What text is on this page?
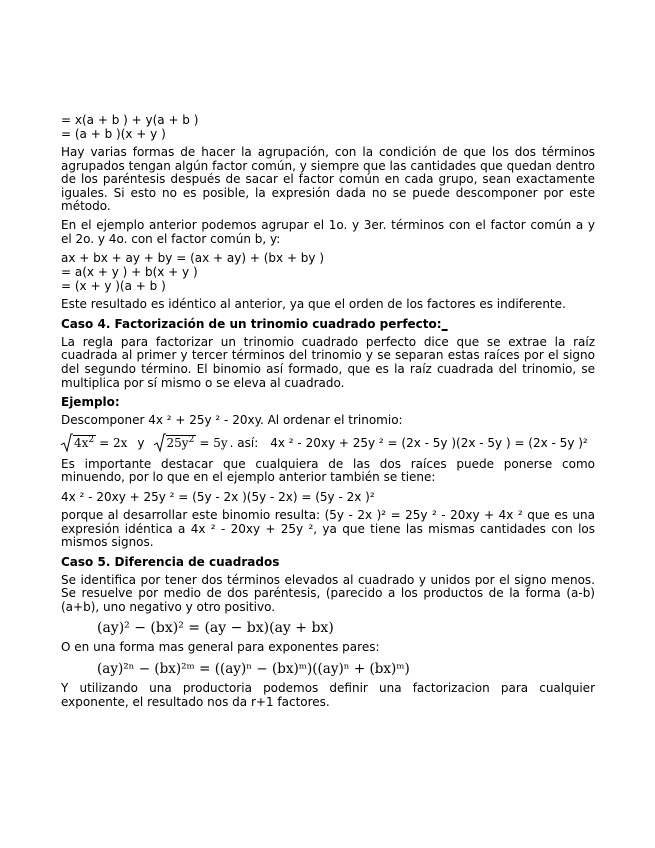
= x(a + b ) + y(a + b )
= (a + b )(x + y )
Hay varias formas de hacer la agrupación, con la condición de que los dos términos agrupados tengan algún factor común, y siempre que las cantidades que quedan dentro de los paréntesis después de sacar el factor común en cada grupo, sean exactamente iguales. Si esto no es posible, la expresión dada no se puede descomponer por este método.
En el ejemplo anterior podemos agrupar el 1o. y 3er. términos con el factor común a y el 2o. y 4o. con el factor común b, y:
ax + bx + ay + by = (ax + ay) + (bx + by )
= a(x + y ) + b(x + y )
= (x + y )(a + b )
Este resultado es idéntico al anterior, ya que el orden de los factores es indiferente.
Caso 4. Factorización de un trinomio cuadrado perfecto:_
La regla para factorizar un trinomio cuadrado perfecto dice que se extrae la raíz cuadrada al primer y tercer términos del trinomio y se separan estas raíces por el signo del segundo término. El binomio así formado, que es la raíz cuadrada del trinomio, se multiplica por sí mismo o se eleva al cuadrado.
Ejemplo:
Descomponer 4x ² + 25y ² - 20xy. Al ordenar el trinomio:
$4x^2 = 2x$ y $25y^2 = 5y$ . así: 4x ² - 20xy + 25y ² = (2x - 5y )(2x - 5y ) = (2x - 5y )²
Es importante destacar que cualquiera de las dos raíces puede ponerse como minuendo, por lo que en el ejemplo anterior también se tiene:
4x ² - 20xy + 25y ² = (5y - 2x )(5y - 2x) = (5y - 2x )²
porque al desarrollar este binomio resulta: (5y - 2x )² = 25y ² - 20xy + 4x ² que es una expresión idéntica a 4x ² - 20xy + 25y ², ya que tiene las mismas cantidades con los mismos signos.
Caso 5. Diferencia de cuadrados
Se identifica por tener dos términos elevados al cuadrado y unidos por el signo menos. Se resuelve por medio de dos paréntesis, (parecido a los productos de la forma (a-b)(a+b), uno negativo y otro positivo.
(ay)² − (bx)² = (ay − bx)(ay + bx)
O en una forma mas general para exponentes pares:
(ay)²ⁿ − (bx)²ᵐ = ((ay)ⁿ − (bx)ᵐ)((ay)ⁿ + (bx)ᵐ)
Y utilizando una productoria podemos definir una factorizacion para cualquier exponente, el resultado nos da r+1 factores.
